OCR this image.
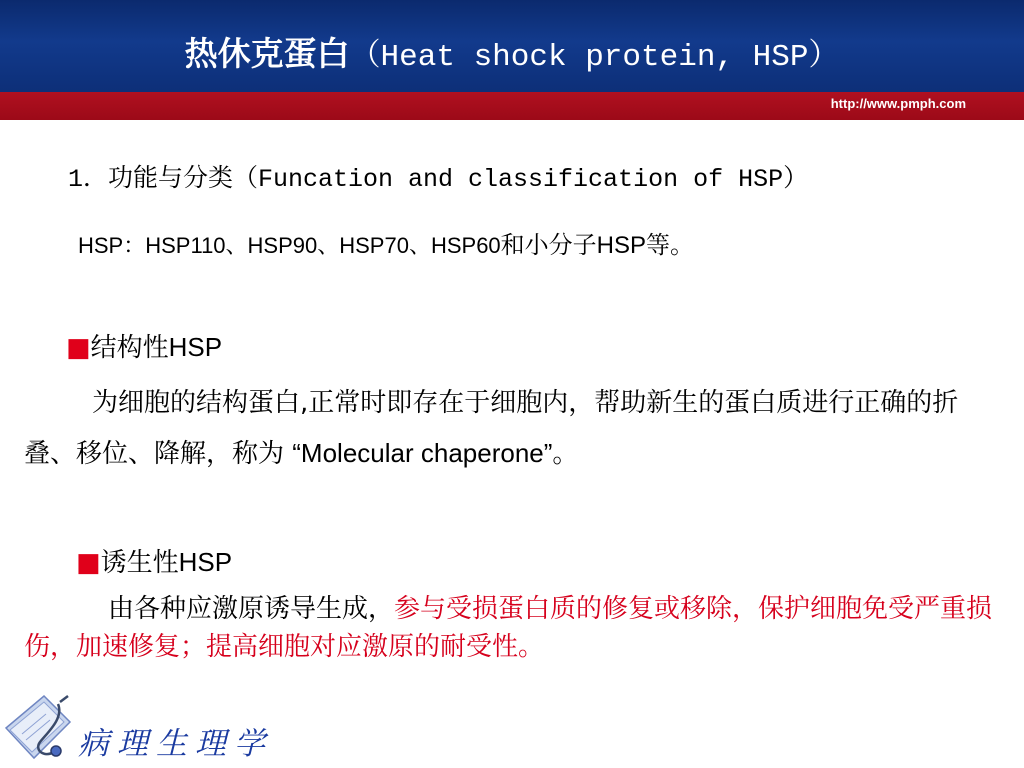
热休克蛋白（Heat shock protein, HSP）
http://www.pmph.com
1．功能与分类（Funcation and classification of HSP）
HSP：HSP110、HSP90、HSP70、HSP60和小分子HSP等。
■结构性HSP
为细胞的结构蛋白,正常时即存在于细胞内，帮助新生的蛋白质进行正确的折叠、移位、降解，称为 “Molecular chaperone”。
■诱生性HSP
由各种应激原诱导生成，参与受损蛋白质的修复或移除，保护细胞免受严重损伤，加速修复；提高细胞对应激原的耐受性。
病理生理学
